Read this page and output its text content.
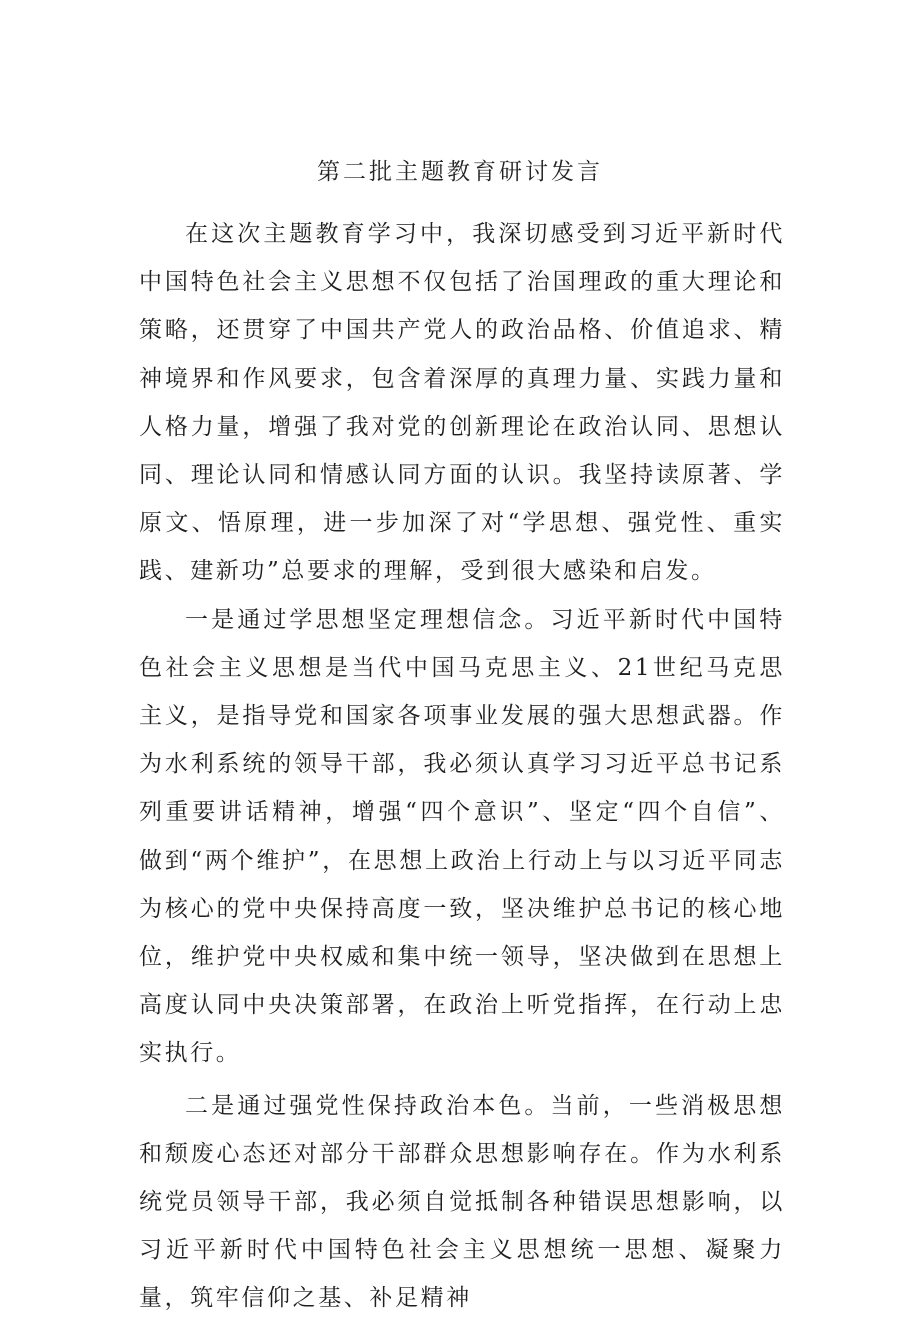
第二批主题教育研讨发言

在这次主题教育学习中，我深切感受到习近平新时代中国特色社会主义思想不仅包括了治国理政的重大理论和策略，还贯穿了中国共产党人的政治品格、价值追求、精神境界和作风要求，包含着深厚的真理力量、实践力量和人格力量，增强了我对党的创新理论在政治认同、思想认同、理论认同和情感认同方面的认识。我坚持读原著、学原文、悟原理，进一步加深了对“学思想、强党性、重实践、建新功”总要求的理解，受到很大感染和启发。

一是通过学思想坚定理想信念。习近平新时代中国特色社会主义思想是当代中国马克思主义、21世纪马克思主义，是指导党和国家各项事业发展的强大思想武器。作为水利系统的领导干部，我必须认真学习习近平总书记系列重要讲话精神，增强“四个意识”、坚定“四个自信”、做到“两个维护”，在思想上政治上行动上与以习近平同志为核心的党中央保持高度一致，坚决维护总书记的核心地位，维护党中央权威和集中统一领导，坚决做到在思想上高度认同中央决策部署，在政治上听党指挥，在行动上忠实执行。

二是通过强党性保持政治本色。当前，一些消极思想和颓废心态还对部分干部群众思想影响存在。作为水利系统党员领导干部，我必须自觉抵制各种错误思想影响，以习近平新时代中国特色社会主义思想统一思想、凝聚力量，筑牢信仰之基、补足精神
